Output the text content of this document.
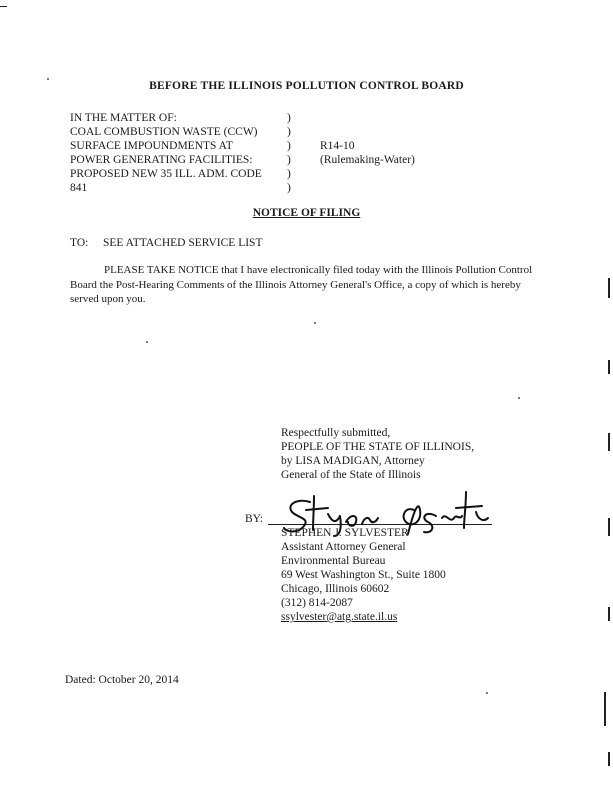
BEFORE THE ILLINOIS POLLUTION CONTROL BOARD
IN THE MATTER OF:
COAL COMBUSTION WASTE (CCW)
SURFACE IMPOUNDMENTS AT
POWER GENERATING FACILITIES:
PROPOSED NEW 35 ILL. ADM. CODE
841
)
)
)
)
)
)
R14-10
(Rulemaking-Water)
NOTICE OF FILING
TO: SEE ATTACHED SERVICE LIST
PLEASE TAKE NOTICE that I have electronically filed today with the Illinois Pollution Control Board the Post-Hearing Comments of the Illinois Attorney General's Office, a copy of which is hereby served upon you.
Respectfully submitted,
PEOPLE OF THE STATE OF ILLINOIS,
by LISA MADIGAN, Attorney
General of the State of Illinois
BY:
STEPHEN J. SYLVESTER
Assistant Attorney General
Environmental Bureau
69 West Washington St., Suite 1800
Chicago, Illinois 60602
(312) 814-2087
ssylvester@atg.state.il.us
Dated: October 20, 2014
